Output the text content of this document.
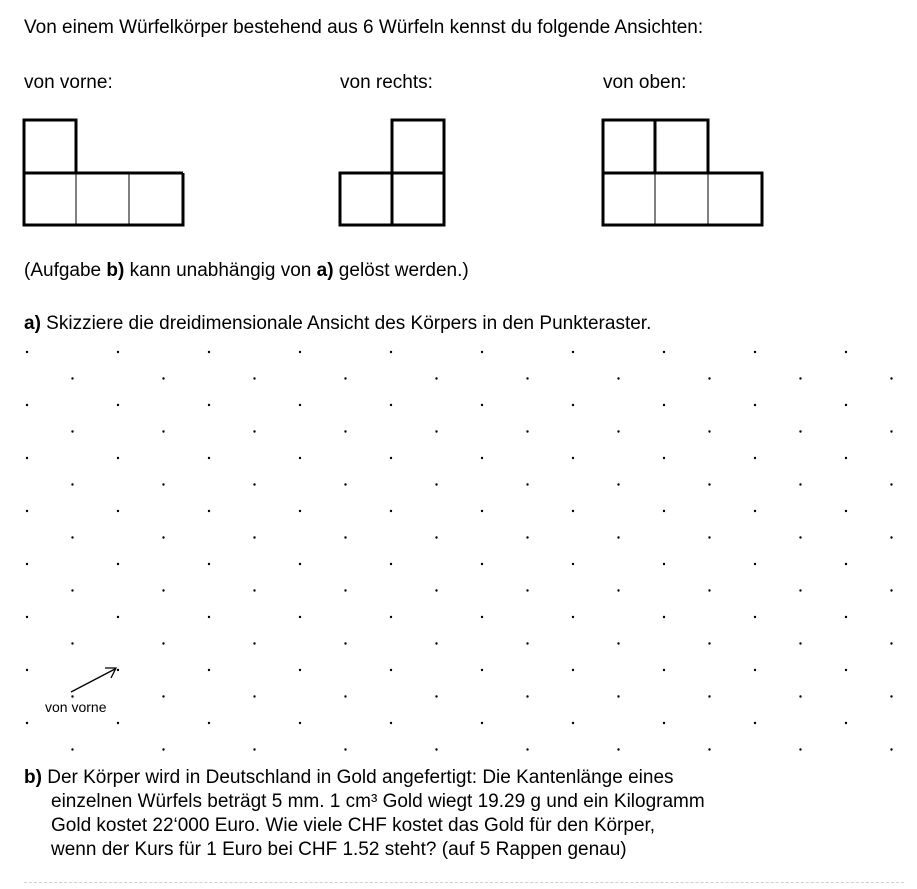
Von einem Würfelkörper bestehend aus 6 Würfeln kennst du folgende Ansichten:
von vorne:	von rechts:	von oben:
(Aufgabe b) kann unabhängig von a) gelöst werden.)
a) Skizziere die dreidimensionale Ansicht des Körpers in den Punkteraster.
von vorne
b) Der Körper wird in Deutschland in Gold angefertigt: Die Kantenlänge eines
einzelnen Würfels beträgt 5 mm. 1 cm³ Gold wiegt 19.29 g und ein Kilogramm
Gold kostet 22‘000 Euro. Wie viele CHF kostet das Gold für den Körper,
wenn der Kurs für 1 Euro bei CHF 1.52 steht? (auf 5 Rappen genau)
